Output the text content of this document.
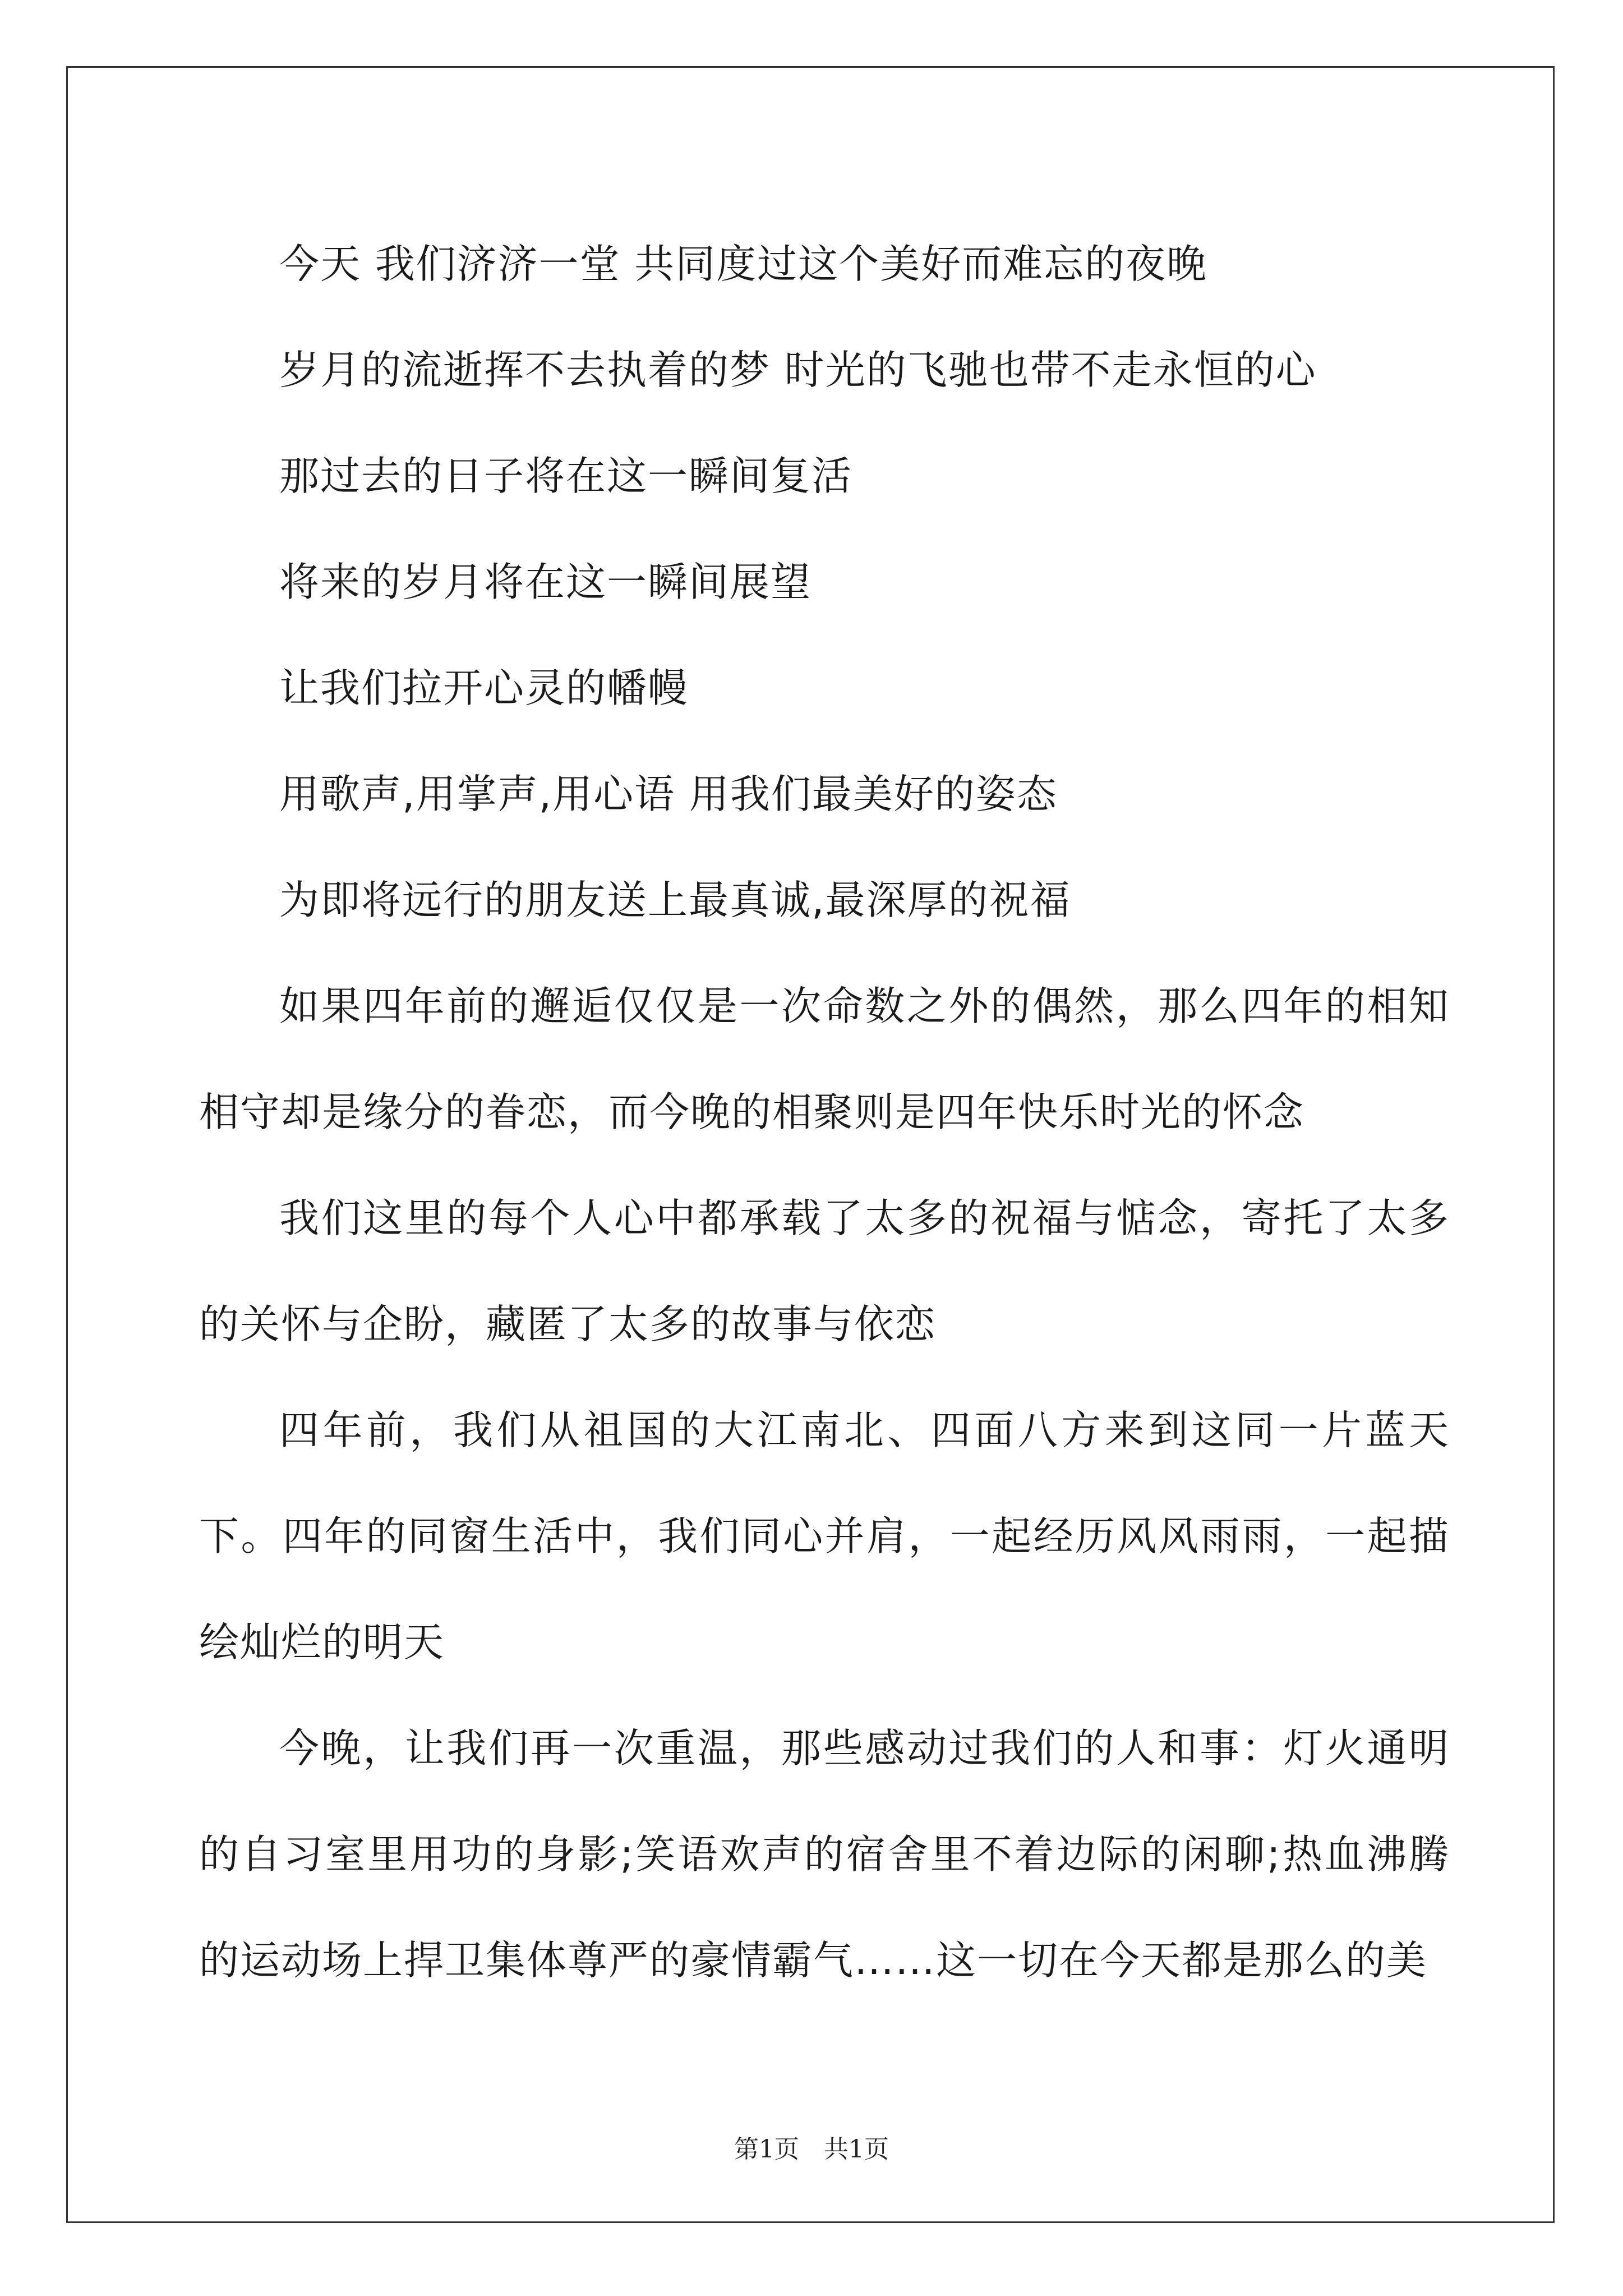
今天 我们济济一堂 共同度过这个美好而难忘的夜晚

岁月的流逝挥不去执着的梦 时光的飞驰也带不走永恒的心

那过去的日子将在这一瞬间复活

将来的岁月将在这一瞬间展望

让我们拉开心灵的幡幔

用歌声,用掌声,用心语 用我们最美好的姿态

为即将远行的朋友送上最真诚,最深厚的祝福

如果四年前的邂逅仅仅是一次命数之外的偶然，那么四年的相知相守却是缘分的眷恋，而今晚的相聚则是四年快乐时光的怀念

我们这里的每个人心中都承载了太多的祝福与惦念，寄托了太多的关怀与企盼，藏匿了太多的故事与依恋

四年前，我们从祖国的大江南北、四面八方来到这同一片蓝天下。四年的同窗生活中，我们同心并肩，一起经历风风雨雨，一起描绘灿烂的明天

今晚，让我们再一次重温，那些感动过我们的人和事：灯火通明的自习室里用功的身影;笑语欢声的宿舍里不着边际的闲聊;热血沸腾的运动场上捍卫集体尊严的豪情霸气……这一切在今天都是那么的美

第1页　共1页
